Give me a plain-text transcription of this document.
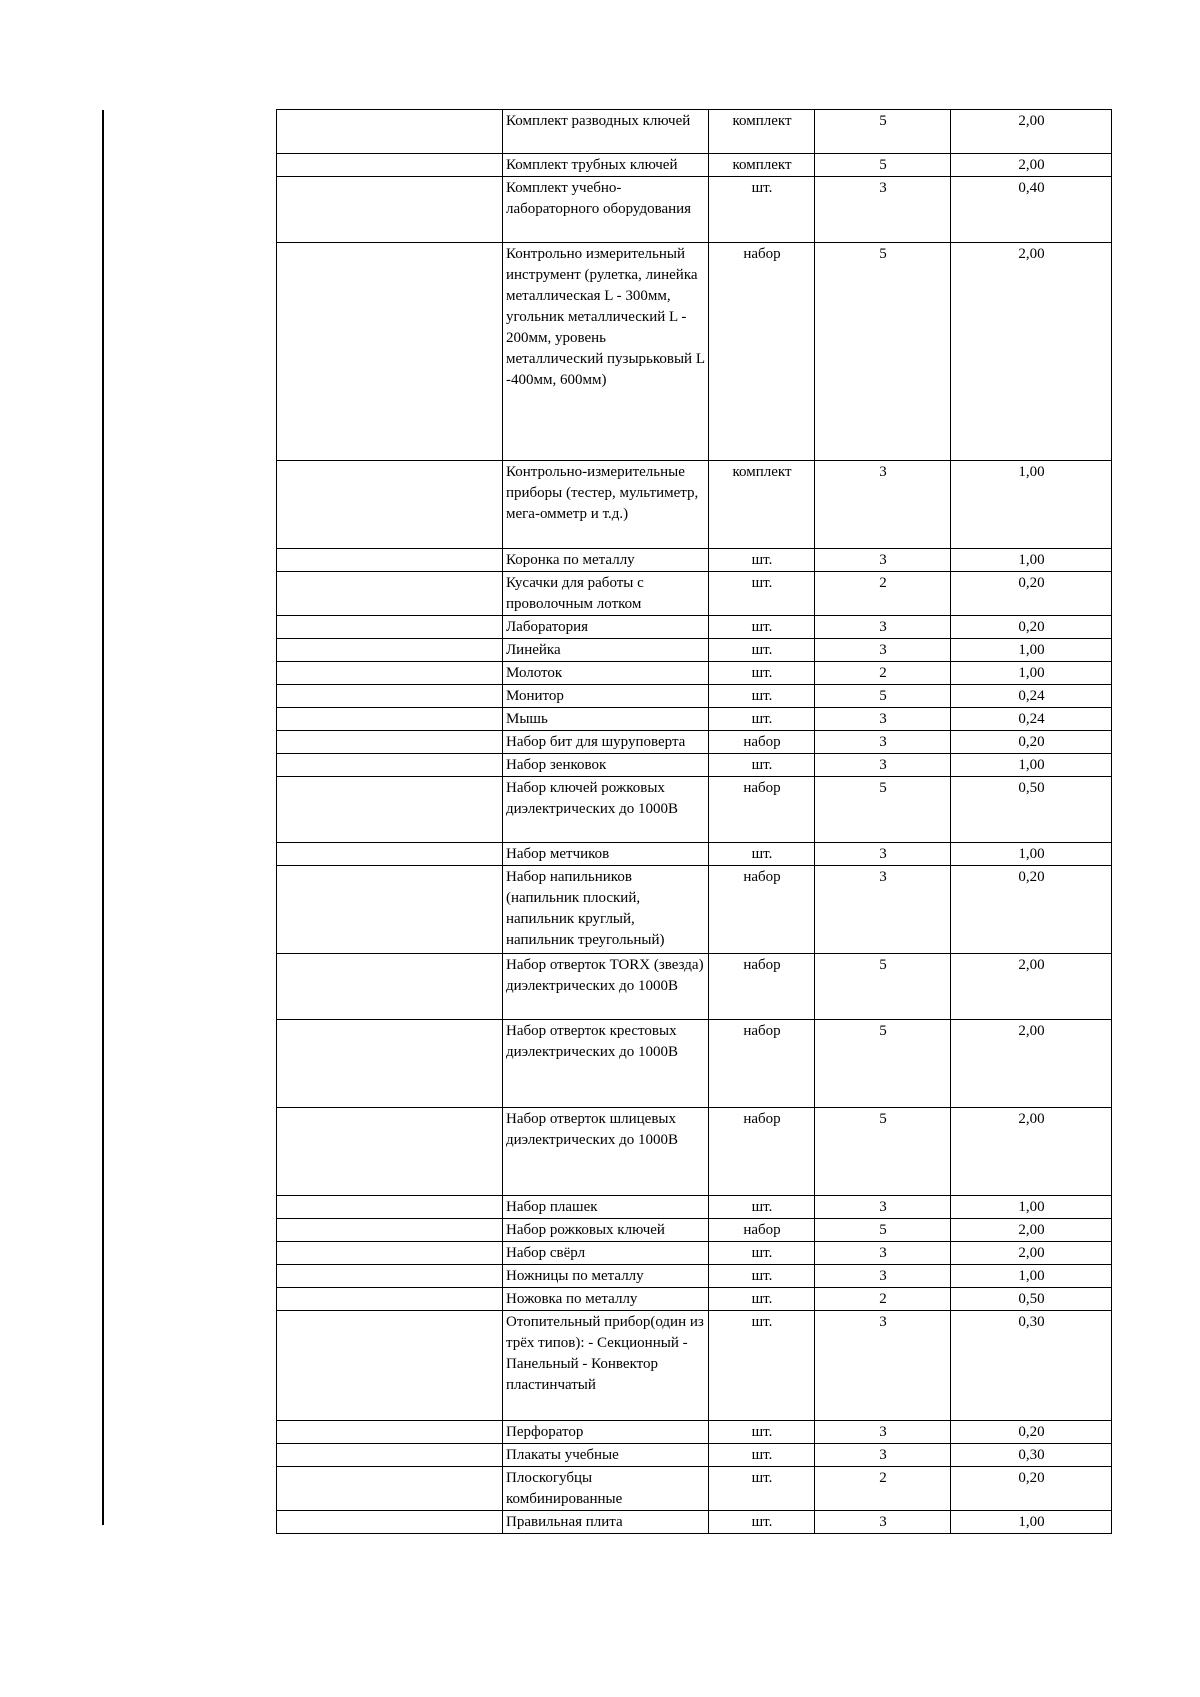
	Комплект разводных ключей	комплект	5	2,00
	Комплект трубных ключей	комплект	5	2,00
	Комплект учебно-лабораторного оборудования	шт.	3	0,40
	Контрольно измерительный инструмент (рулетка, линейка металлическая L - 300мм, угольник металлический L - 200мм, уровень металлический пузырьковый L -400мм, 600мм)	набор	5	2,00
	Контрольно-измерительные приборы (тестер, мультиметр, мега-омметр и т.д.)	комплект	3	1,00
	Коронка по металлу	шт.	3	1,00
	Кусачки для работы с проволочным лотком	шт.	2	0,20
	Лаборатория	шт.	3	0,20
	Линейка	шт.	3	1,00
	Молоток	шт.	2	1,00
	Монитор	шт.	5	0,24
	Мышь	шт.	3	0,24
	Набор бит для шуруповерта	набор	3	0,20
	Набор зенковок	шт.	3	1,00
	Набор ключей рожковых диэлектрических до 1000В	набор	5	0,50
	Набор метчиков	шт.	3	1,00
	Набор напильников (напильник плоский, напильник круглый, напильник треугольный)	набор	3	0,20
	Набор отверток TORX (звезда) диэлектрических до 1000В	набор	5	2,00
	Набор отверток крестовых диэлектрических до 1000В	набор	5	2,00
	Набор отверток шлицевых диэлектрических до 1000В	набор	5	2,00
	Набор плашек	шт.	3	1,00
	Набор рожковых ключей	набор	5	2,00
	Набор свёрл	шт.	3	2,00
	Ножницы по металлу	шт.	3	1,00
	Ножовка по металлу	шт.	2	0,50
	Отопительный прибор(один из трёх типов): - Секционный - Панельный - Конвектор пластинчатый	шт.	3	0,30
	Перфоратор	шт.	3	0,20
	Плакаты учебные	шт.	3	0,30
	Плоскогубцы комбинированные	шт.	2	0,20
	Правильная плита	шт.	3	1,00
